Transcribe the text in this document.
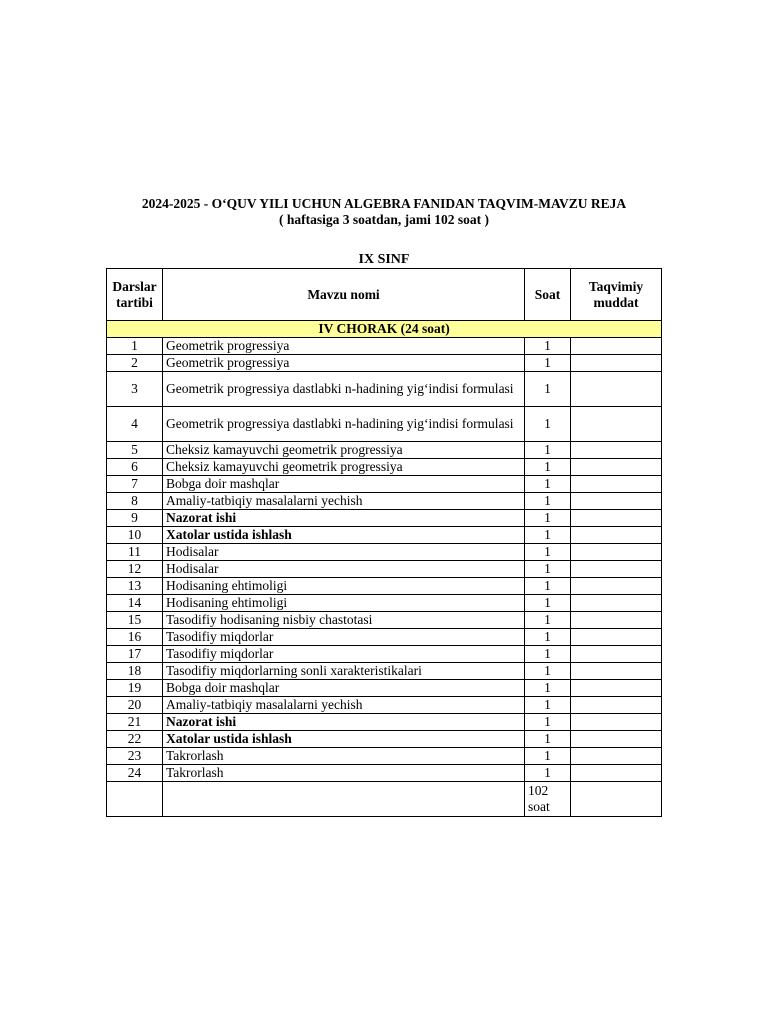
2024-2025 - O‘QUV YILI UCHUN ALGEBRA FANIDAN TAQVIM-MAVZU REJA
( haftasiga 3 soatdan, jami 102 soat )
IX SINF
Darslar tartibi	Mavzu nomi	Soat	Taqvimiy muddat
IV CHORAK (24 soat)			
1	Geometrik progressiya	1	
2	Geometrik progressiya	1	
3	Geometrik progressiya dastlabki n-hadining yig‘indisi formulasi	1	
4	Geometrik progressiya dastlabki n-hadining yig‘indisi formulasi	1	
5	Cheksiz kamayuvchi geometrik progressiya	1	
6	Cheksiz kamayuvchi geometrik progressiya	1	
7	Bobga doir mashqlar	1	
8	Amaliy-tatbiqiy masalalarni yechish	1	
9	Nazorat ishi	1	
10	Xatolar ustida ishlash	1	
11	Hodisalar	1	
12	Hodisalar	1	
13	Hodisaning ehtimoligi	1	
14	Hodisaning ehtimoligi	1	
15	Tasodifiy hodisaning nisbiy chastotasi	1	
16	Tasodifiy miqdorlar	1	
17	Tasodifiy miqdorlar	1	
18	Tasodifiy miqdorlarning sonli xarakteristikalari	1	
19	Bobga doir mashqlar	1	
20	Amaliy-tatbiqiy masalalarni yechish	1	
21	Nazorat ishi	1	
22	Xatolar ustida ishlash	1	
23	Takrorlash	1	
24	Takrorlash	1	
		102 soat	
